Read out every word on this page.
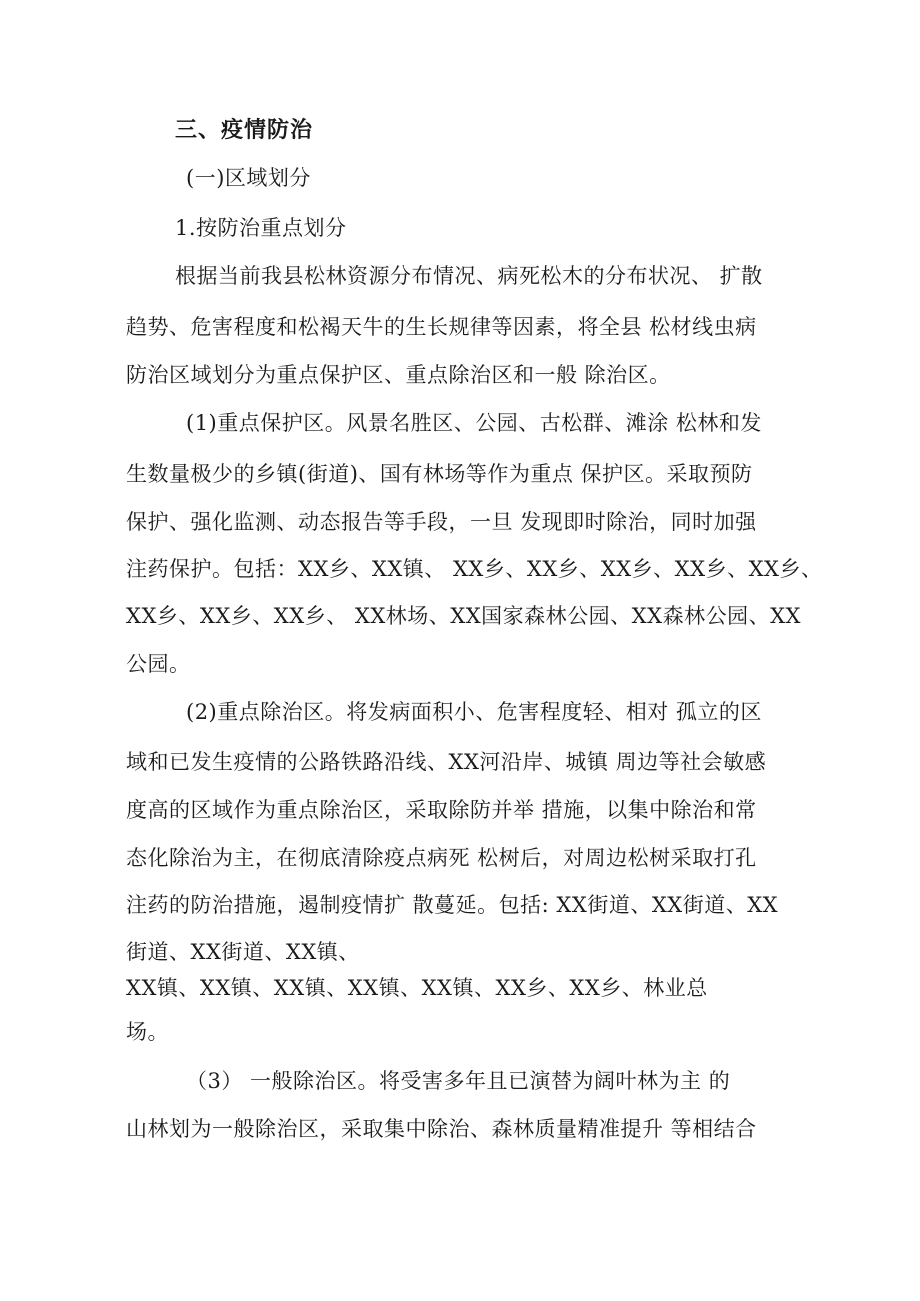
三、疫情防治
(一)区域划分
1.按防治重点划分
根据当前我县松林资源分布情况、病死松木的分布状况、 扩散
趋势、危害程度和松褐天牛的生长规律等因素，将全县 松材线虫病
防治区域划分为重点保护区、重点除治区和一般 除治区。
(1)重点保护区。风景名胜区、公园、古松群、滩涂 松林和发
生数量极少的乡镇(街道)、国有林场等作为重点 保护区。采取预防
保护、强化监测、动态报告等手段，一旦 发现即时除治，同时加强
注药保护。包括：XX乡、XX镇、 XX乡、XX乡、XX乡、XX乡、XX乡、
XX乡、XX乡、XX乡、 XX林场、XX国家森林公园、XX森林公园、XX
公园。
(2)重点除治区。将发病面积小、危害程度轻、相对 孤立的区
域和已发生疫情的公路铁路沿线、XX河沿岸、城镇 周边等社会敏感
度高的区域作为重点除治区，采取除防并举 措施，以集中除治和常
态化除治为主，在彻底清除疫点病死 松树后，对周边松树采取打孔
注药的防治措施，遏制疫情扩 散蔓延。包括: XX街道、XX街道、XX
街道、XX街道、XX镇、
XX镇、XX镇、XX镇、XX镇、XX镇、XX乡、XX乡、林业总
场。
（3） 一般除治区。将受害多年且已演替为阔叶林为主 的
山林划为一般除治区，采取集中除治、森林质量精准提升 等相结合
